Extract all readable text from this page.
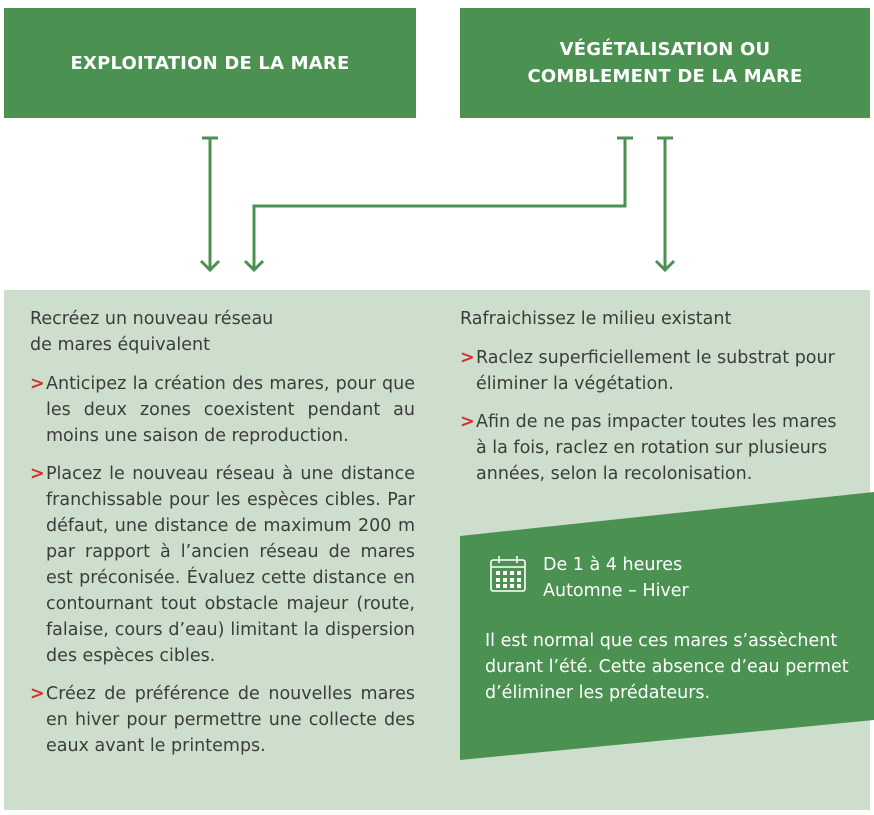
EXPLOITATION DE LA MARE
VÉGÉTALISATION OU
COMBLEMENT DE LA MARE

Recréez un nouveau réseau
de mares équivalent

> Anticipez la création des mares, pour que les deux zones coexistent pendant au moins une saison de reproduction.
> Placez le nouveau réseau à une distance franchissable pour les espèces cibles. Par défaut, une distance de maximum 200 m par rapport à l’ancien réseau de mares est préconisée. Évaluez cette distance en contournant tout obstacle majeur (route, falaise, cours d’eau) limitant la dispersion des espèces cibles.
> Créez de préférence de nouvelles mares en hiver pour permettre une collecte des eaux avant le printemps.

Rafraichissez le milieu existant

> Raclez superficiellement le substrat pour éliminer la végétation.
> Afin de ne pas impacter toutes les mares à la fois, raclez en rotation sur plusieurs années, selon la recolonisation.
De 1 à 4 heures
Automne – Hiver
Il est normal que ces mares s’assèchent durant l’été. Cette absence d’eau permet d’éliminer les prédateurs.
